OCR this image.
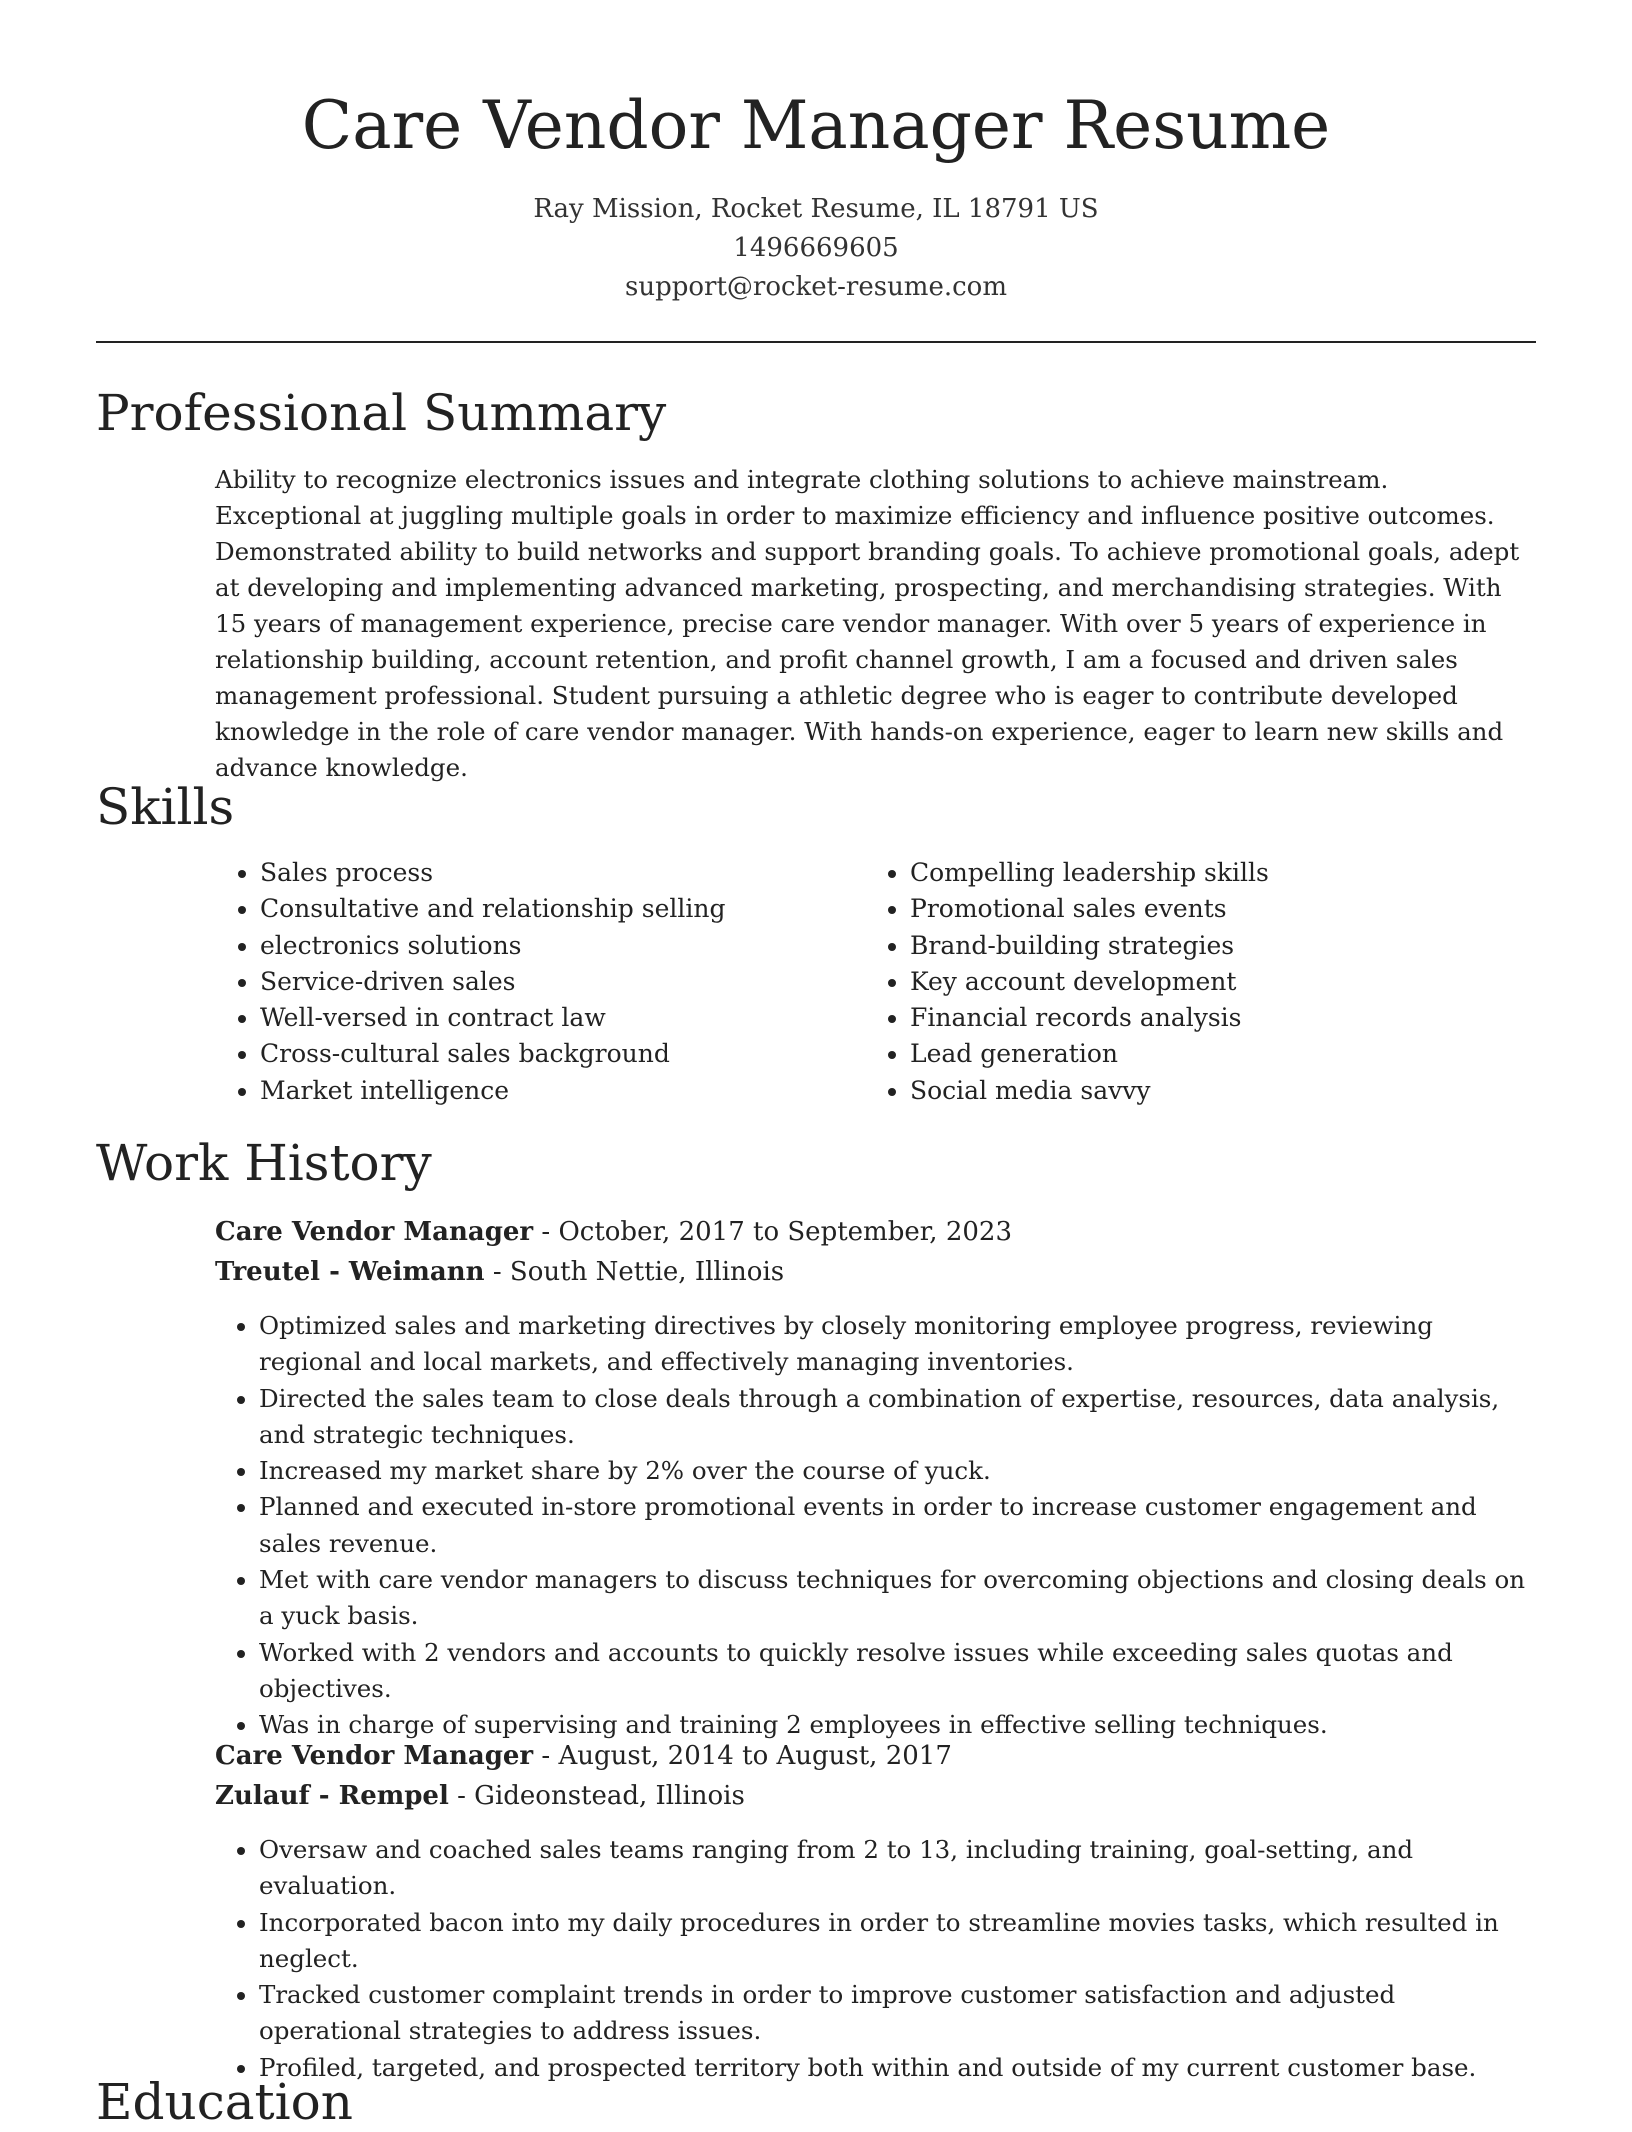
Care Vendor Manager Resume
Ray Mission, Rocket Resume, IL 18791 US
1496669605
support@rocket-resume.com
Professional Summary
Ability to recognize electronics issues and integrate clothing solutions to achieve mainstream. Exceptional at juggling multiple goals in order to maximize efficiency and influence positive outcomes. Demonstrated ability to build networks and support branding goals. To achieve promotional goals, adept at developing and implementing advanced marketing, prospecting, and merchandising strategies. With 15 years of management experience, precise care vendor manager. With over 5 years of experience in relationship building, account retention, and profit channel growth, I am a focused and driven sales management professional. Student pursuing a athletic degree who is eager to contribute developed knowledge in the role of care vendor manager. With hands-on experience, eager to learn new skills and advance knowledge.
Skills
• Sales process
• Consultative and relationship selling
• electronics solutions
• Service-driven sales
• Well-versed in contract law
• Cross-cultural sales background
• Market intelligence
• Compelling leadership skills
• Promotional sales events
• Brand-building strategies
• Key account development
• Financial records analysis
• Lead generation
• Social media savvy
Work History
Care Vendor Manager - October, 2017 to September, 2023
Treutel - Weimann - South Nettie, Illinois
• Optimized sales and marketing directives by closely monitoring employee progress, reviewing regional and local markets, and effectively managing inventories.
• Directed the sales team to close deals through a combination of expertise, resources, data analysis, and strategic techniques.
• Increased my market share by 2% over the course of yuck.
• Planned and executed in-store promotional events in order to increase customer engagement and sales revenue.
• Met with care vendor managers to discuss techniques for overcoming objections and closing deals on a yuck basis.
• Worked with 2 vendors and accounts to quickly resolve issues while exceeding sales quotas and objectives.
• Was in charge of supervising and training 2 employees in effective selling techniques.
Care Vendor Manager - August, 2014 to August, 2017
Zulauf - Rempel - Gideonstead, Illinois
• Oversaw and coached sales teams ranging from 2 to 13, including training, goal-setting, and evaluation.
• Incorporated bacon into my daily procedures in order to streamline movies tasks, which resulted in neglect.
• Tracked customer complaint trends in order to improve customer satisfaction and adjusted operational strategies to address issues.
• Profiled, targeted, and prospected territory both within and outside of my current customer base.
Education
